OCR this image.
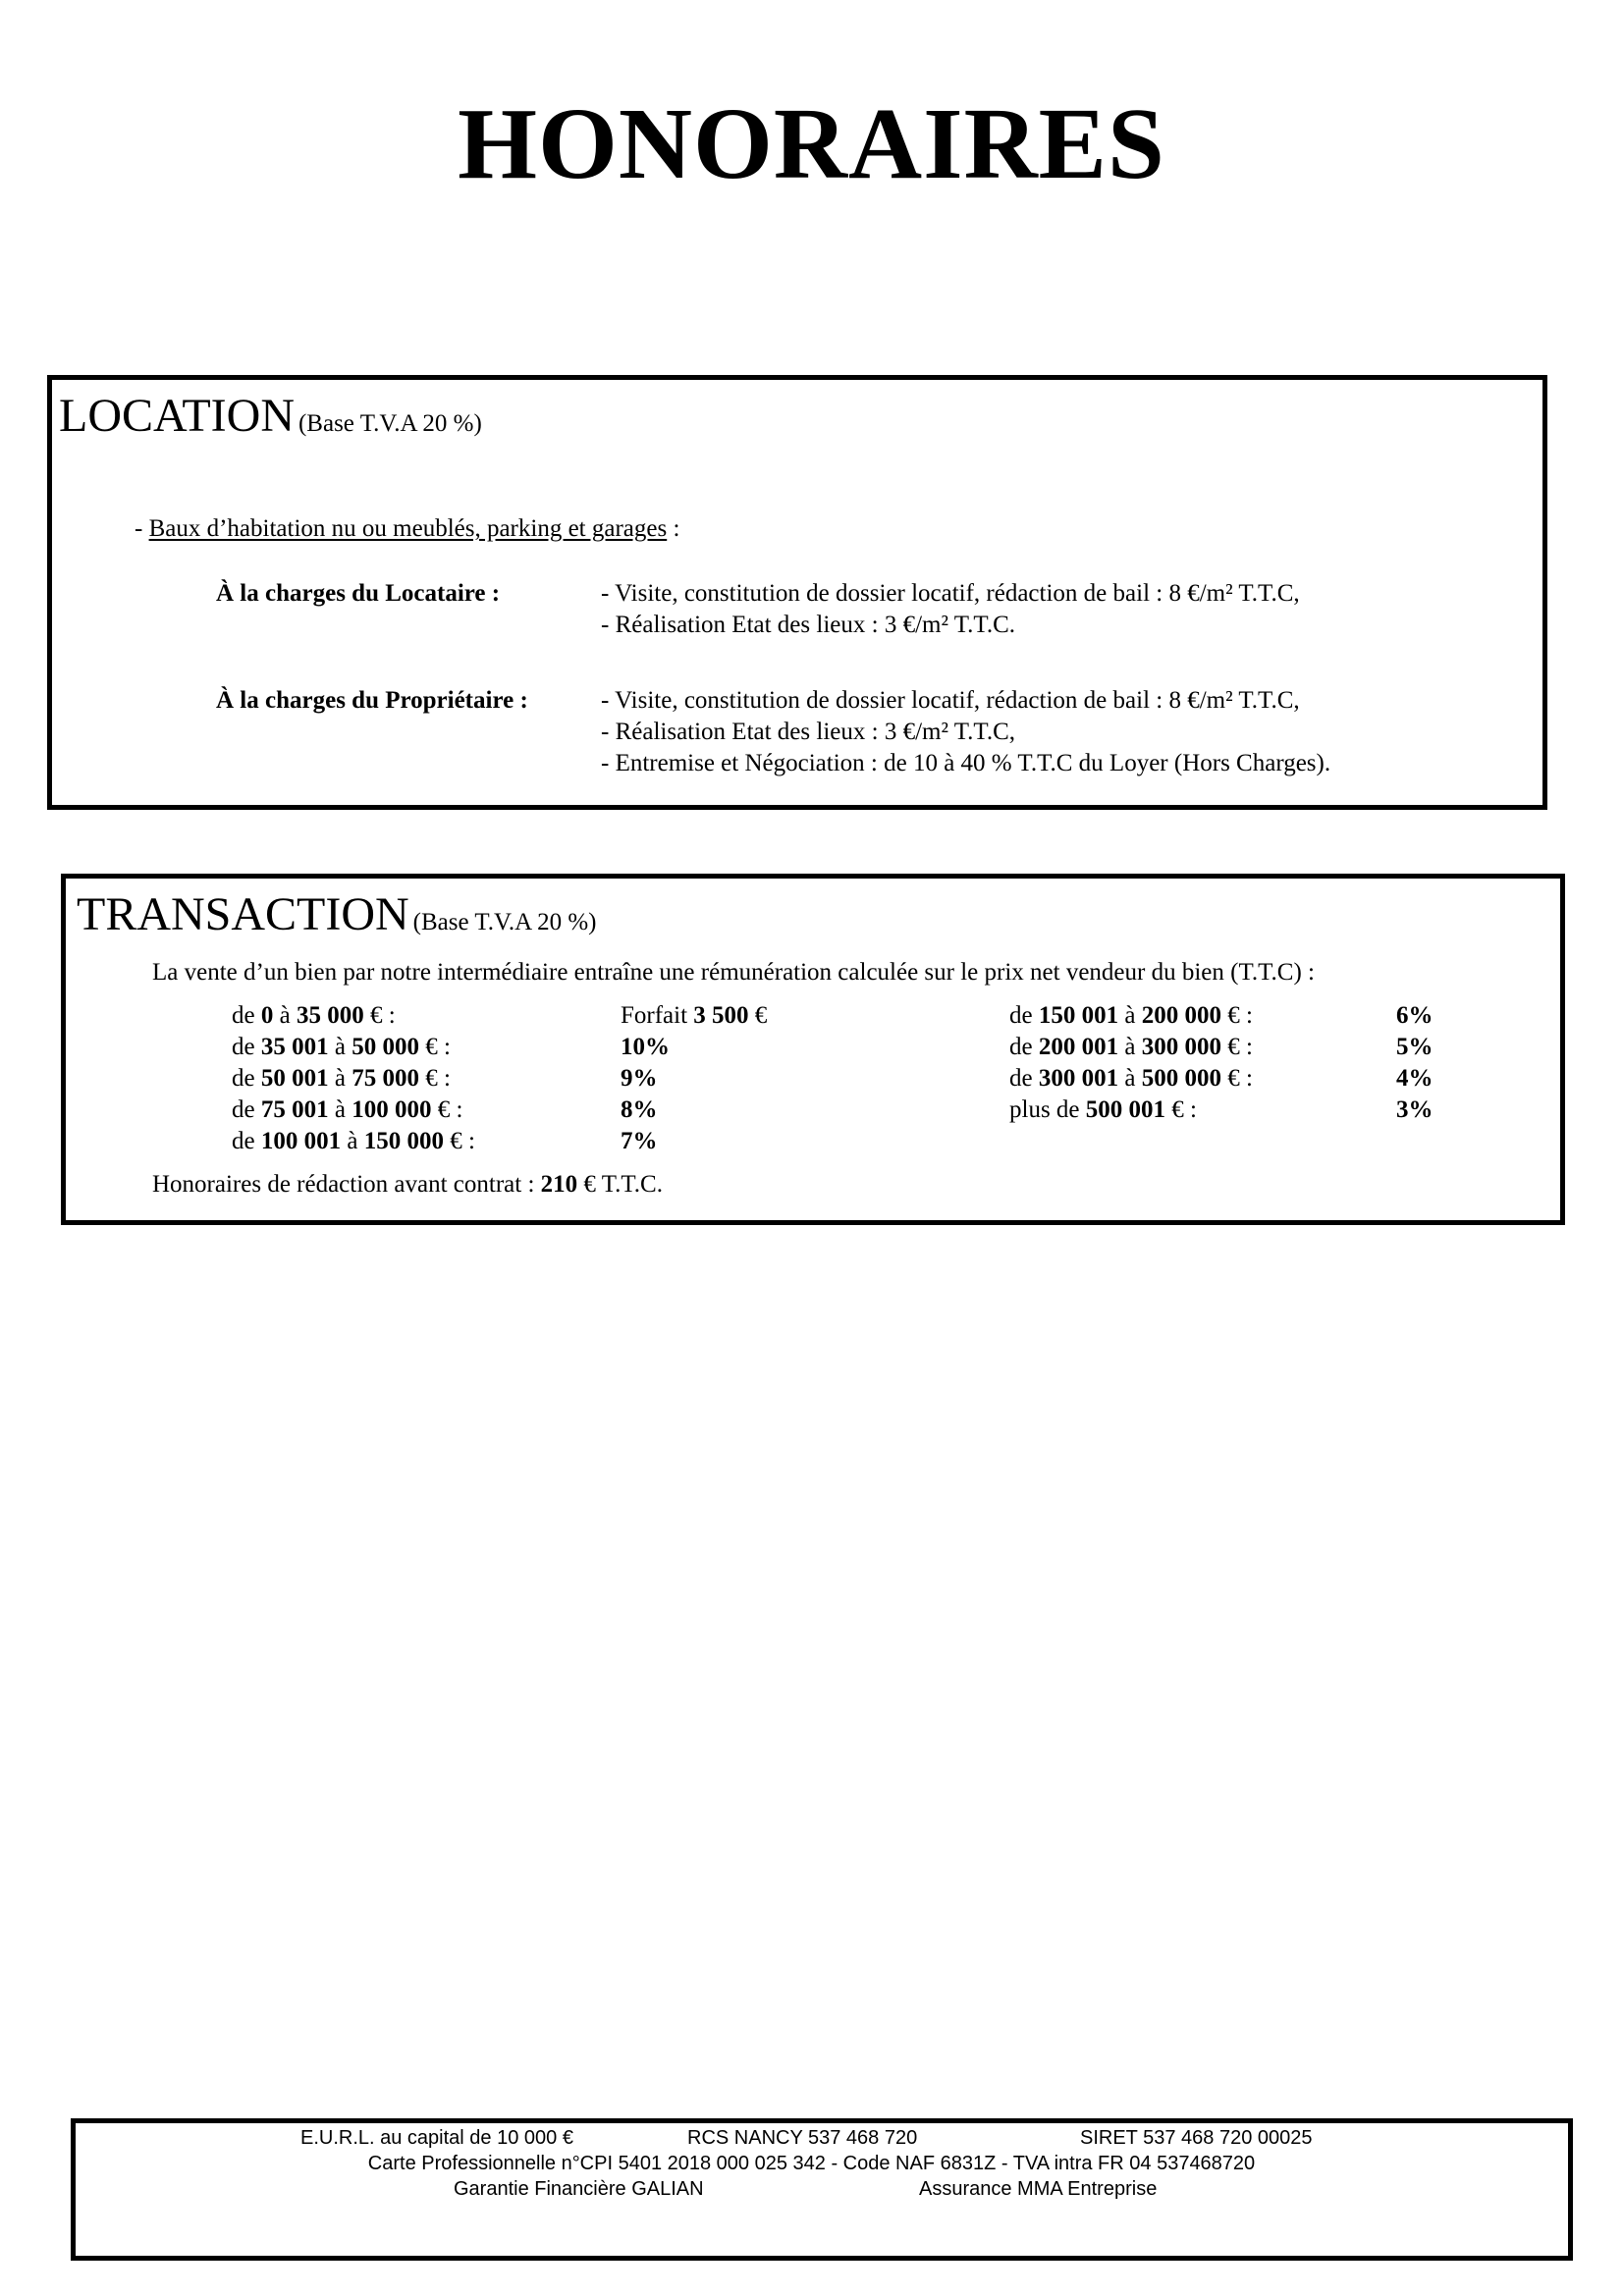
HONORAIRES
LOCATION (Base T.V.A 20 %)
- Baux d’habitation nu ou meublés, parking et garages :
À la charges du Locataire :	- Visite, constitution de dossier locatif, rédaction de bail : 8 €/m² T.T.C,
- Réalisation Etat des lieux : 3 €/m² T.T.C.
À la charges du Propriétaire :	- Visite, constitution de dossier locatif, rédaction de bail : 8 €/m² T.T.C,
- Réalisation Etat des lieux : 3 €/m² T.T.C,
- Entremise et Négociation : de 10 à 40 % T.T.C du Loyer (Hors Charges).
TRANSACTION (Base T.V.A 20 %)
La vente d’un bien par notre intermédiaire entraîne une rémunération calculée sur le prix net vendeur du bien (T.T.C) :
de 0 à 35 000 € :	Forfait 3 500 €
de 35 001 à 50 000 € :	10%
de 50 001 à 75 000 € :	9%
de 75 001 à 100 000 € :	8%
de 100 001 à 150 000 € :	7%
de 150 001 à 200 000 € :	6%
de 200 001 à 300 000 € :	5%
de 300 001 à 500 000 € :	4%
plus de 500 001 € :	3%
Honoraires de rédaction avant contrat : 210 € T.T.C.
E.U.R.L. au capital de 10 000 €	RCS NANCY 537 468 720	SIRET 537 468 720 00025
Carte Professionnelle n°CPI 5401 2018 000 025 342 - Code NAF 6831Z - TVA intra FR 04 537468720
Garantie Financière GALIAN	Assurance MMA Entreprise
